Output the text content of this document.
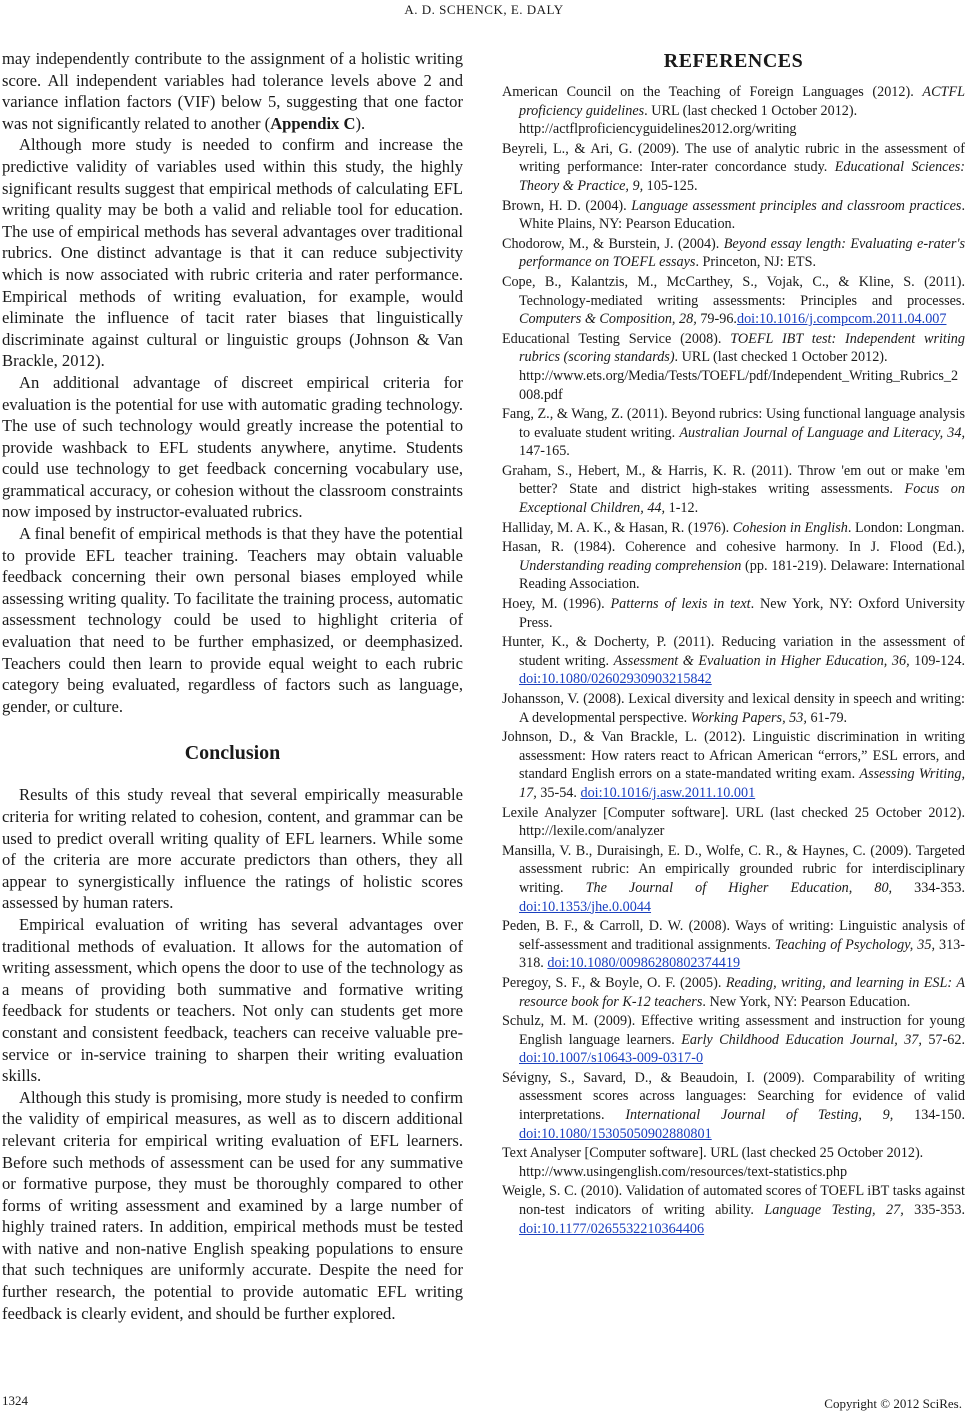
A. D. SCHENCK, E. DALY

may independently contribute to the assignment of a holistic writing score. All independent variables had tolerance levels above 2 and variance inflation factors (VIF) below 5, suggesting that one factor was not significantly related to another (Appendix C).

Although more study is needed to confirm and increase the predictive validity of variables used within this study, the highly significant results suggest that empirical methods of calculating EFL writing quality may be both a valid and reliable tool for education. The use of empirical methods has several advantages over traditional rubrics. One distinct advantage is that it can reduce subjectivity which is now associated with rubric criteria and rater performance. Empirical methods of writing evaluation, for example, would eliminate the influence of tacit rater biases that linguistically discriminate against cultural or linguistic groups (Johnson & Van Brackle, 2012).

An additional advantage of discreet empirical criteria for evaluation is the potential for use with automatic grading technology. The use of such technology would greatly increase the potential to provide washback to EFL students anywhere, anytime. Students could use technology to get feedback concerning vocabulary use, grammatical accuracy, or cohesion without the classroom constraints now imposed by instructor-evaluated rubrics.

A final benefit of empirical methods is that they have the potential to provide EFL teacher training. Teachers may obtain valuable feedback concerning their own personal biases employed while assessing writing quality. To facilitate the training process, automatic assessment technology could be used to highlight criteria of evaluation that need to be further emphasized, or deemphasized. Teachers could then learn to provide equal weight to each rubric category being evaluated, regardless of factors such as language, gender, or culture.

Conclusion

Results of this study reveal that several empirically measurable criteria for writing related to cohesion, content, and grammar can be used to predict overall writing quality of EFL learners. While some of the criteria are more accurate predictors than others, they all appear to synergistically influence the ratings of holistic scores assessed by human raters.

Empirical evaluation of writing has several advantages over traditional methods of evaluation. It allows for the automation of writing assessment, which opens the door to use of the technology as a means of providing both summative and formative writing feedback for students or teachers. Not only can students get more constant and consistent feedback, teachers can receive valuable pre-service or in-service training to sharpen their writing evaluation skills.

Although this study is promising, more study is needed to confirm the validity of empirical measures, as well as to discern additional relevant criteria for empirical writing evaluation of EFL learners. Before such methods of assessment can be used for any summative or formative purpose, they must be thoroughly compared to other forms of writing assessment and examined by a large number of highly trained raters. In addition, empirical methods must be tested with native and non-native English speaking populations to ensure that such techniques are uniformly accurate. Despite the need for further research, the potential to provide automatic EFL writing feedback is clearly evident, and should be further explored.

REFERENCES

American Council on the Teaching of Foreign Languages (2012). ACTFL proficiency guidelines. URL (last checked 1 October 2012).
http://actflproficiencyguidelines2012.org/writing

Beyreli, L., & Ari, G. (2009). The use of analytic rubric in the assessment of writing performance: Inter-rater concordance study. Educational Sciences: Theory & Practice, 9, 105-125.

Brown, H. D. (2004). Language assessment principles and classroom practices. White Plains, NY: Pearson Education.

Chodorow, M., & Burstein, J. (2004). Beyond essay length: Evaluating e-rater's performance on TOEFL essays. Princeton, NJ: ETS.

Cope, B., Kalantzis, M., McCarthey, S., Vojak, C., & Kline, S. (2011). Technology-mediated writing assessments: Principles and processes. Computers & Composition, 28, 79-96.doi:10.1016/j.compcom.2011.04.007

Educational Testing Service (2008). TOEFL IBT test: Independent writing rubrics (scoring standards). URL (last checked 1 October 2012).
http://www.ets.org/Media/Tests/TOEFL/pdf/Independent_Writing_Rubrics_2008.pdf

Fang, Z., & Wang, Z. (2011). Beyond rubrics: Using functional language analysis to evaluate student writing. Australian Journal of Language and Literacy, 34, 147-165.

Graham, S., Hebert, M., & Harris, K. R. (2011). Throw 'em out or make 'em better? State and district high-stakes writing assessments. Focus on Exceptional Children, 44, 1-12.

Halliday, M. A. K., & Hasan, R. (1976). Cohesion in English. London: Longman.

Hasan, R. (1984). Coherence and cohesive harmony. In J. Flood (Ed.), Understanding reading comprehension (pp. 181-219). Delaware: International Reading Association.

Hoey, M. (1996). Patterns of lexis in text. New York, NY: Oxford University Press.

Hunter, K., & Docherty, P. (2011). Reducing variation in the assessment of student writing. Assessment & Evaluation in Higher Education, 36, 109-124. doi:10.1080/02602930903215842

Johansson, V. (2008). Lexical diversity and lexical density in speech and writing: A developmental perspective. Working Papers, 53, 61-79.

Johnson, D., & Van Brackle, L. (2012). Linguistic discrimination in writing assessment: How raters react to African American “errors,” ESL errors, and standard English errors on a state-mandated writing exam. Assessing Writing, 17, 35-54. doi:10.1016/j.asw.2011.10.001

Lexile Analyzer [Computer software]. URL (last checked 25 October 2012). http://lexile.com/analyzer

Mansilla, V. B., Duraisingh, E. D., Wolfe, C. R., & Haynes, C. (2009). Targeted assessment rubric: An empirically grounded rubric for interdisciplinary writing. The Journal of Higher Education, 80, 334-353. doi:10.1353/jhe.0.0044

Peden, B. F., & Carroll, D. W. (2008). Ways of writing: Linguistic analysis of self-assessment and traditional assignments. Teaching of Psychology, 35, 313-318. doi:10.1080/00986280802374419

Peregoy, S. F., & Boyle, O. F. (2005). Reading, writing, and learning in ESL: A resource book for K-12 teachers. New York, NY: Pearson Education.

Schulz, M. M. (2009). Effective writing assessment and instruction for young English language learners. Early Childhood Education Journal, 37, 57-62. doi:10.1007/s10643-009-0317-0

Sévigny, S., Savard, D., & Beaudoin, I. (2009). Comparability of writing assessment scores across languages: Searching for evidence of valid interpretations. International Journal of Testing, 9, 134-150. doi:10.1080/15305050902880801

Text Analyser [Computer software]. URL (last checked 25 October 2012).
http://www.usingenglish.com/resources/text-statistics.php

Weigle, S. C. (2010). Validation of automated scores of TOEFL iBT tasks against non-test indicators of writing ability. Language Testing, 27, 335-353. doi:10.1177/0265532210364406

1324	Copyright © 2012 SciRes.
